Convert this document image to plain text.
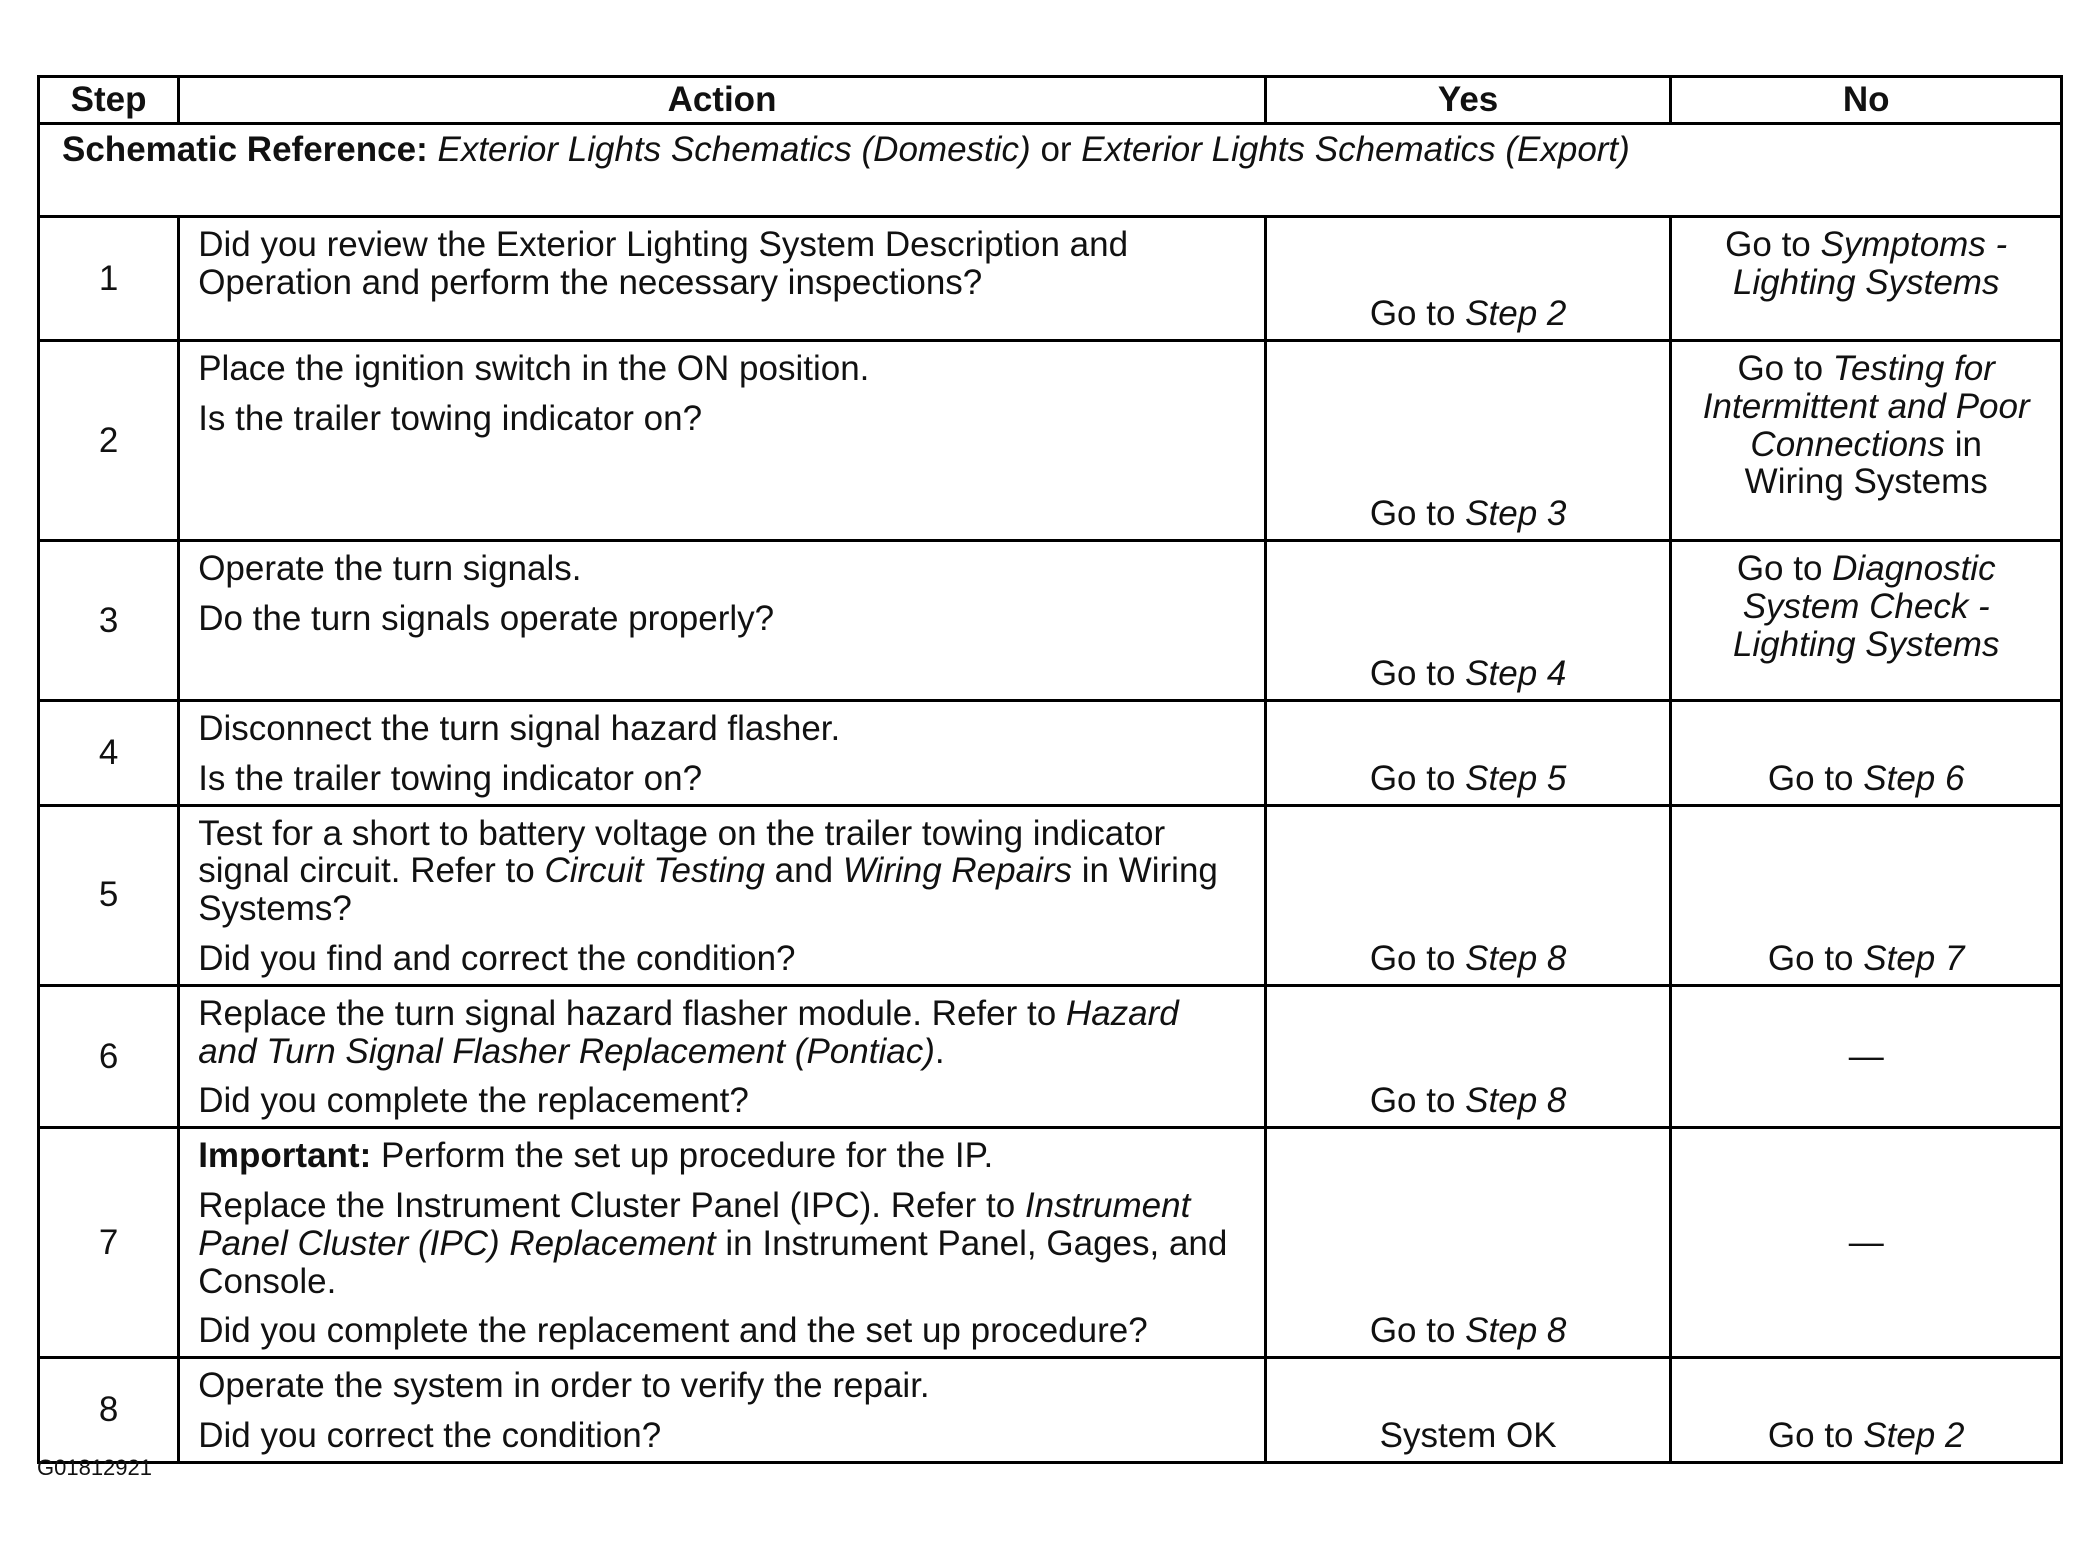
Step	Action	Yes	No
Schematic Reference: Exterior Lights Schematics (Domestic) or Exterior Lights Schematics (Export)			
1	Did you review the Exterior Lighting System Description and Operation and perform the necessary inspections?	Go to Step 2	Go to Symptoms - Lighting Systems
2	Place the ignition switch in the ON position.
Is the trailer towing indicator on?	Go to Step 3	Go to Testing for Intermittent and Poor Connections in Wiring Systems
3	Operate the turn signals.
Do the turn signals operate properly?	Go to Step 4	Go to Diagnostic System Check - Lighting Systems
4	Disconnect the turn signal hazard flasher.
Is the trailer towing indicator on?	Go to Step 5	Go to Step 6
5	Test for a short to battery voltage on the trailer towing indicator signal circuit. Refer to Circuit Testing and Wiring Repairs in Wiring Systems?
Did you find and correct the condition?	Go to Step 8	Go to Step 7
6	Replace the turn signal hazard flasher module. Refer to Hazard and Turn Signal Flasher Replacement (Pontiac).
Did you complete the replacement?	Go to Step 8	—
7	Important: Perform the set up procedure for the IP.
Replace the Instrument Cluster Panel (IPC). Refer to Instrument Panel Cluster (IPC) Replacement in Instrument Panel, Gages, and Console.
Did you complete the replacement and the set up procedure?	Go to Step 8	—
8	Operate the system in order to verify the repair.
Did you correct the condition?	System OK	Go to Step 2
G01812921
